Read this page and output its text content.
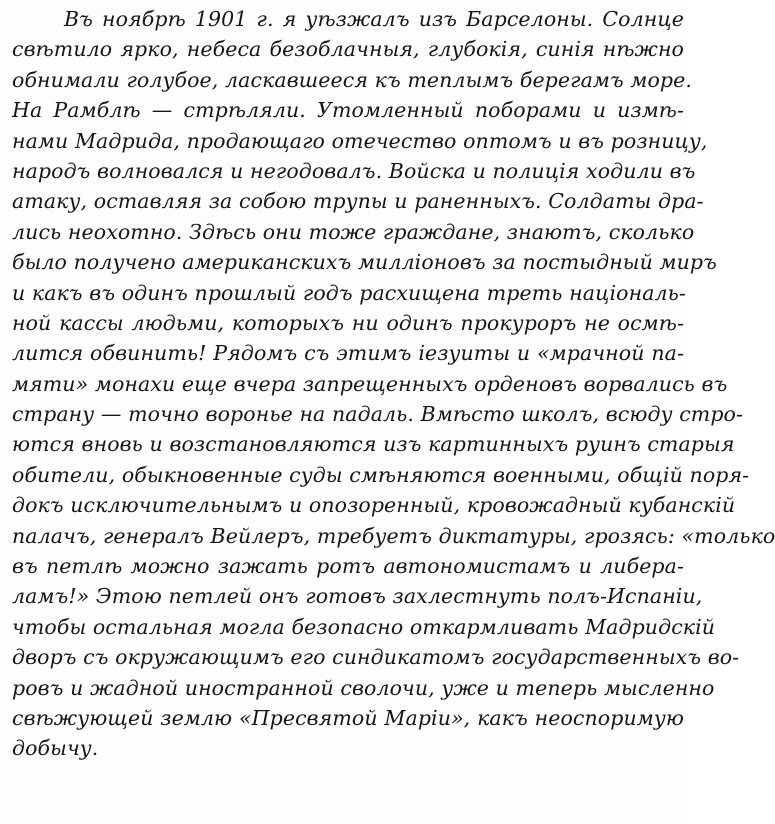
Въ ноябрѣ 1901 г. я уѣзжалъ изъ Барселоны. Солнце
свѣтило ярко, небеса безоблачныя, глубокія, синія нѣжно
обнимали голубое, ласкавшееся къ теплымъ берегамъ море.
На Рамблѣ — стрѣляли. Утомленный поборами и измѣ-
нами Мадрида, продающаго отечество оптомъ и въ розницу,
народъ волновался и негодовалъ. Войска и полиція ходили въ
атаку, оставляя за собою трупы и раненныхъ. Солдаты дра-
лись неохотно. Здѣсь они тоже граждане, знаютъ, сколько
было получено американскихъ милліоновъ за постыдный миръ
и какъ въ одинъ прошлый годъ расхищена треть національ-
ной кассы людьми, которыхъ ни одинъ прокуроръ не осмѣ-
лится обвинить! Рядомъ съ этимъ іезуиты и «мрачной па-
мяти» монахи еще вчера запрещенныхъ орденовъ ворвались въ
страну — точно воронье на падаль. Вмѣсто школъ, всюду стро-
ются вновь и возстановляются изъ картинныхъ руинъ старыя
обители, обыкновенные суды смѣняются военными, общій поря-
докъ исключительнымъ и опозоренный, кровожадный кубанскій
палачъ, генералъ Вейлеръ, требуетъ диктатуры, грозясь: «только
въ петлѣ можно зажать ротъ автономистамъ и либера-
ламъ!» Этою петлей онъ готовъ захлестнуть полъ-Испаніи,
чтобы остальная могла безопасно откармливать Мадридскій
дворъ съ окружающимъ его синдикатомъ государственныхъ во-
ровъ и жадной иностранной сволочи, уже и теперь мысленно
свѣжующей землю «Пресвятой Маріи», какъ неоспоримую
добычу.
